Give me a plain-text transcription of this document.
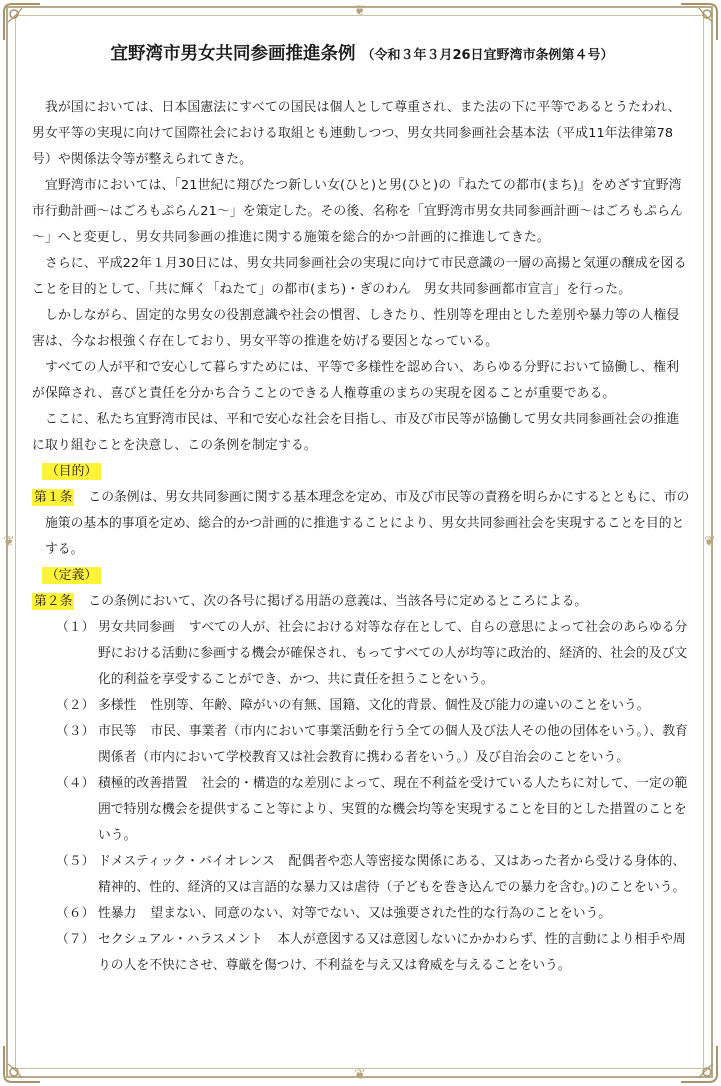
❦
❦
❦	❦
宜野湾市男女共同参画推進条例 （令和３年３月26日宜野湾市条例第４号）

我が国においては、日本国憲法にすべての国民は個人として尊重され、また法の下に平等であるとうたわれ、男女平等の実現に向けて国際社会における取組とも連動しつつ、男女共同参画社会基本法（平成11年法律第78号）や関係法令等が整えられてきた。

宜野湾市においては、「21世紀に翔びたつ新しい女(ひと)と男(ひと)の『ねたての都市(まち)』をめざす宜野湾市行動計画～はごろもぷらん21～」を策定した。その後、名称を「宜野湾市男女共同参画計画～はごろもぷらん～」へと変更し、男女共同参画の推進に関する施策を総合的かつ計画的に推進してきた。

さらに、平成22年１月30日には、男女共同参画社会の実現に向けて市民意識の一層の高揚と気運の醸成を図ることを目的として、「共に輝く「ねたて」の都市(まち)・ぎのわん　男女共同参画都市宣言」を行った。

しかしながら、固定的な男女の役割意識や社会の慣習、しきたり、性別等を理由とした差別や暴力等の人権侵害は、今なお根強く存在しており、男女平等の推進を妨げる要因となっている。

すべての人が平和で安心して暮らすためには、平等で多様性を認め合い、あらゆる分野において協働し、権利が保障され、喜びと責任を分かち合うことのできる人権尊重のまちの実現を図ることが重要である。

ここに、私たち宜野湾市民は、平和で安心な社会を目指し、市及び市民等が協働して男女共同参画社会の推進に取り組むことを決意し、この条例を制定する。

（目的）

第１条 この条例は、男女共同参画に関する基本理念を定め、市及び市民等の責務を明らかにするとともに、市の施策の基本的事項を定め、総合的かつ計画的に推進することにより、男女共同参画社会を実現することを目的とする。

（定義）

第２条 この条例において、次の各号に掲げる用語の意義は、当該各号に定めるところによる。

（１） 男女共同参画 すべての人が、社会における対等な存在として、自らの意思によって社会のあらゆる分野における活動に参画する機会が確保され、もってすべての人が均等に政治的、経済的、社会的及び文化的利益を享受することができ、かつ、共に責任を担うことをいう。

（２） 多様性 性別等、年齢、障がいの有無、国籍、文化的背景、個性及び能力の違いのことをいう。

（３） 市民等 市民、事業者（市内において事業活動を行う全ての個人及び法人その他の団体をいう。）、教育関係者（市内において学校教育又は社会教育に携わる者をいう。）及び自治会のことをいう。

（４） 積極的改善措置 社会的・構造的な差別によって、現在不利益を受けている人たちに対して、一定の範囲で特別な機会を提供すること等により、実質的な機会均等を実現することを目的とした措置のことをいう。

（５） ドメスティック・バイオレンス 配偶者や恋人等密接な関係にある、又はあった者から受ける身体的、精神的、性的、経済的又は言語的な暴力又は虐待（子どもを巻き込んでの暴力を含む。)のことをいう。

（６） 性暴力 望まない、同意のない、対等でない、又は強要された性的な行為のことをいう。

（７） セクシュアル・ハラスメント 本人が意図する又は意図しないにかかわらず、性的言動により相手や周りの人を不快にさせ、尊厳を傷つけ、不利益を与え又は脅威を与えることをいう。
